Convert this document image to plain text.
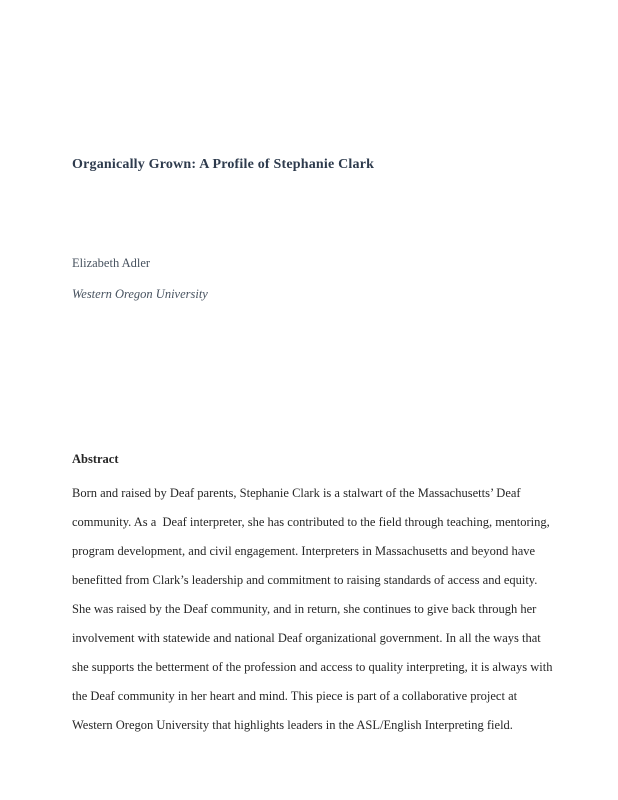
Organically Grown: A Profile of Stephanie Clark
Elizabeth Adler
Western Oregon University
Abstract
Born and raised by Deaf parents, Stephanie Clark is a stalwart of the Massachusetts’ Deaf
community. As a  Deaf interpreter, she has contributed to the field through teaching, mentoring,
program development, and civil engagement. Interpreters in Massachusetts and beyond have
benefitted from Clark’s leadership and commitment to raising standards of access and equity.
She was raised by the Deaf community, and in return, she continues to give back through her
involvement with statewide and national Deaf organizational government. In all the ways that
she supports the betterment of the profession and access to quality interpreting, it is always with
the Deaf community in her heart and mind. This piece is part of a collaborative project at
Western Oregon University that highlights leaders in the ASL/English Interpreting field.
